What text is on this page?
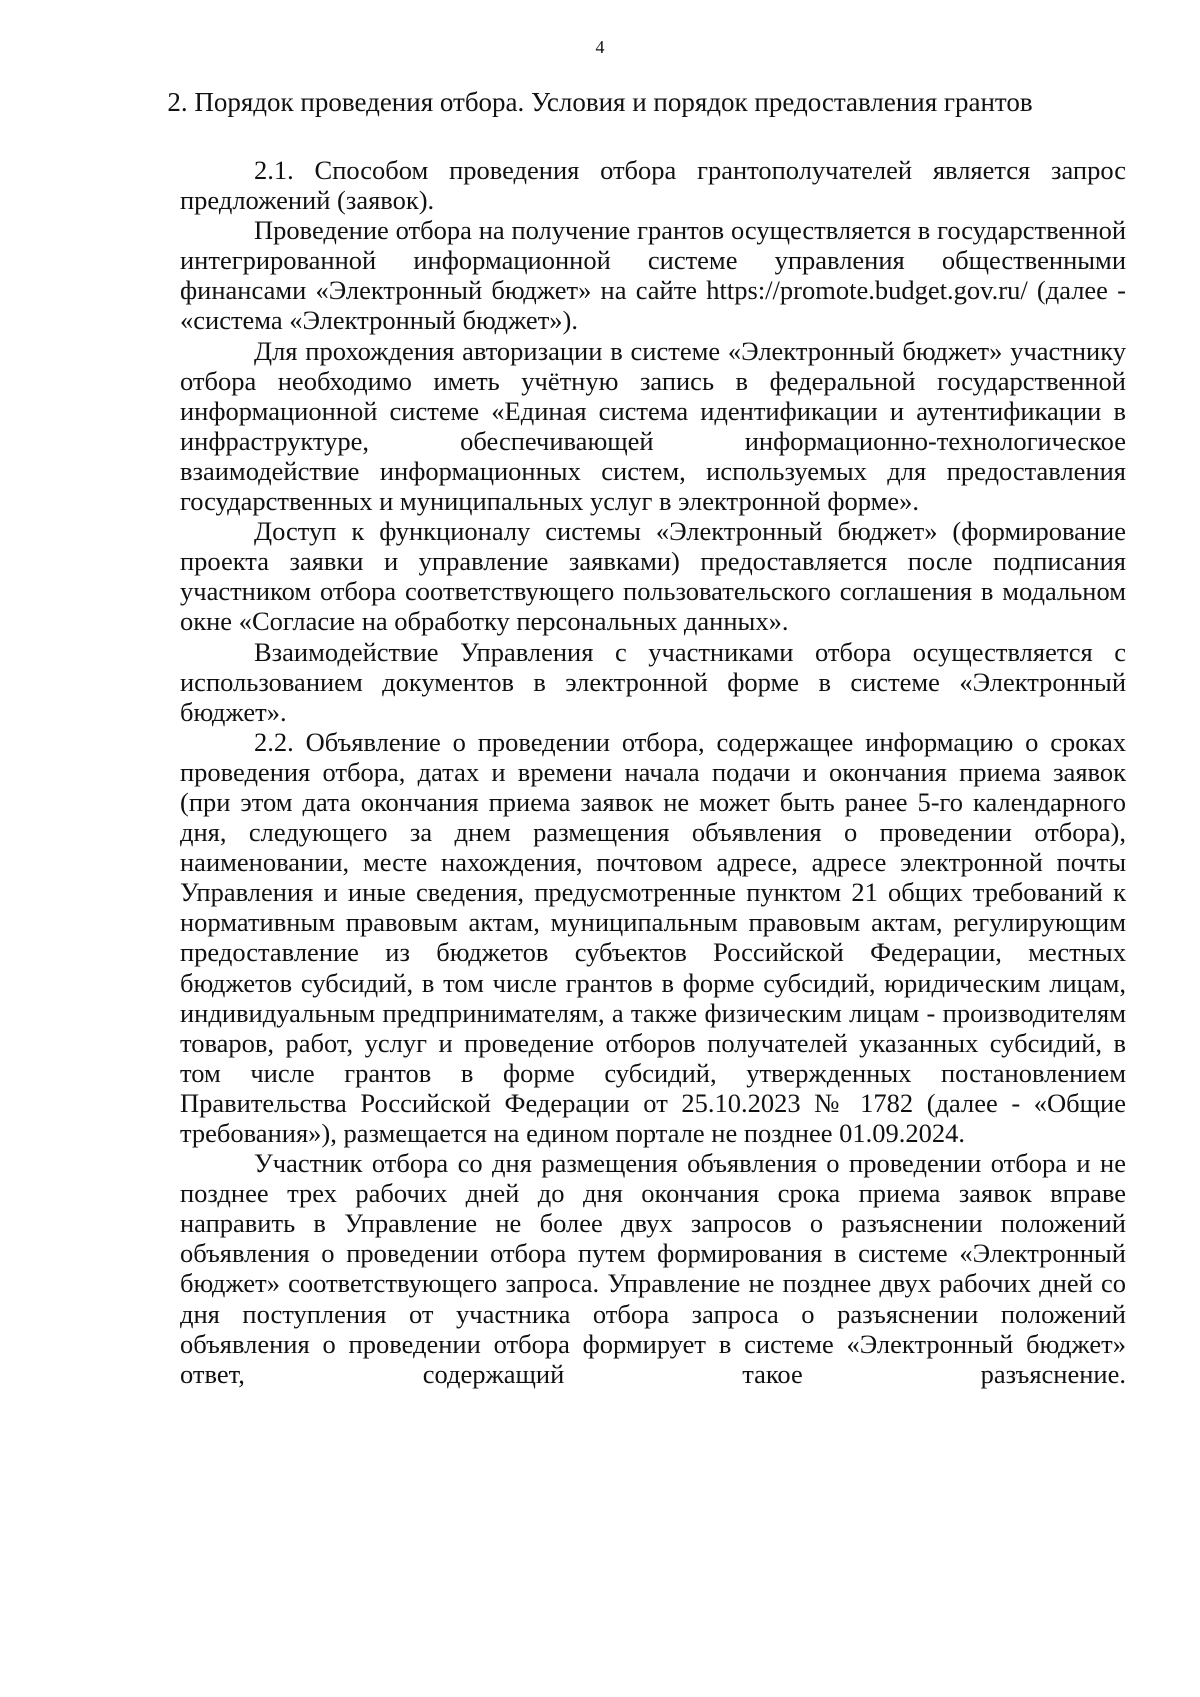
4
2. Порядок проведения отбора. Условия и порядок предоставления грантов

2.1. Способом проведения отбора грантополучателей является запрос предложений (заявок).

Проведение отбора на получение грантов осуществляется в государственной интегрированной информационной системе управления общественными финансами «Электронный бюджет» на сайте https://promote.budget.gov.ru/ (далее - «система «Электронный бюджет»).

Для прохождения авторизации в системе «Электронный бюджет» участнику отбора необходимо иметь учётную запись в федеральной государственной информационной системе «Единая система идентификации и аутентификации в инфраструктуре, обеспечивающей информационно-технологическое взаимодействие информационных систем, используемых для предоставления государственных и муниципальных услуг в электронной форме».

Доступ к функционалу системы «Электронный бюджет» (формирование проекта заявки и управление заявками) предоставляется после подписания участником отбора соответствующего пользовательского соглашения в модальном окне «Согласие на обработку персональных данных».

Взаимодействие Управления с участниками отбора осуществляется с использованием документов в электронной форме в системе «Электронный бюджет».

2.2. Объявление о проведении отбора, содержащее информацию о сроках проведения отбора, датах и времени начала подачи и окончания приема заявок (при этом дата окончания приема заявок не может быть ранее 5-го календарного дня, следующего за днем размещения объявления о проведении отбора), наименовании, месте нахождения, почтовом адресе, адресе электронной почты Управления и иные сведения, предусмотренные пунктом 21 общих требований к нормативным правовым актам, муниципальным правовым актам, регулирующим предоставление из бюджетов субъектов Российской Федерации, местных бюджетов субсидий, в том числе грантов в форме субсидий, юридическим лицам, индивидуальным предпринимателям, а также физическим лицам - производителям товаров, работ, услуг и проведение отборов получателей указанных субсидий, в том числе грантов в форме субсидий, утвержденных постановлением Правительства Российской Федерации от 25.10.2023 № 1782 (далее - «Общие требования»), размещается на едином портале не позднее 01.09.2024.

Участник отбора со дня размещения объявления о проведении отбора и не позднее трех рабочих дней до дня окончания срока приема заявок вправе направить в Управление не более двух запросов о разъяснении положений объявления о проведении отбора путем формирования в системе «Электронный бюджет» соответствующего запроса. Управление не позднее двух рабочих дней со дня поступления от участника отбора запроса о разъяснении положений объявления о проведении отбора формирует в системе «Электронный бюджет» ответ, содержащий такое разъяснение.
